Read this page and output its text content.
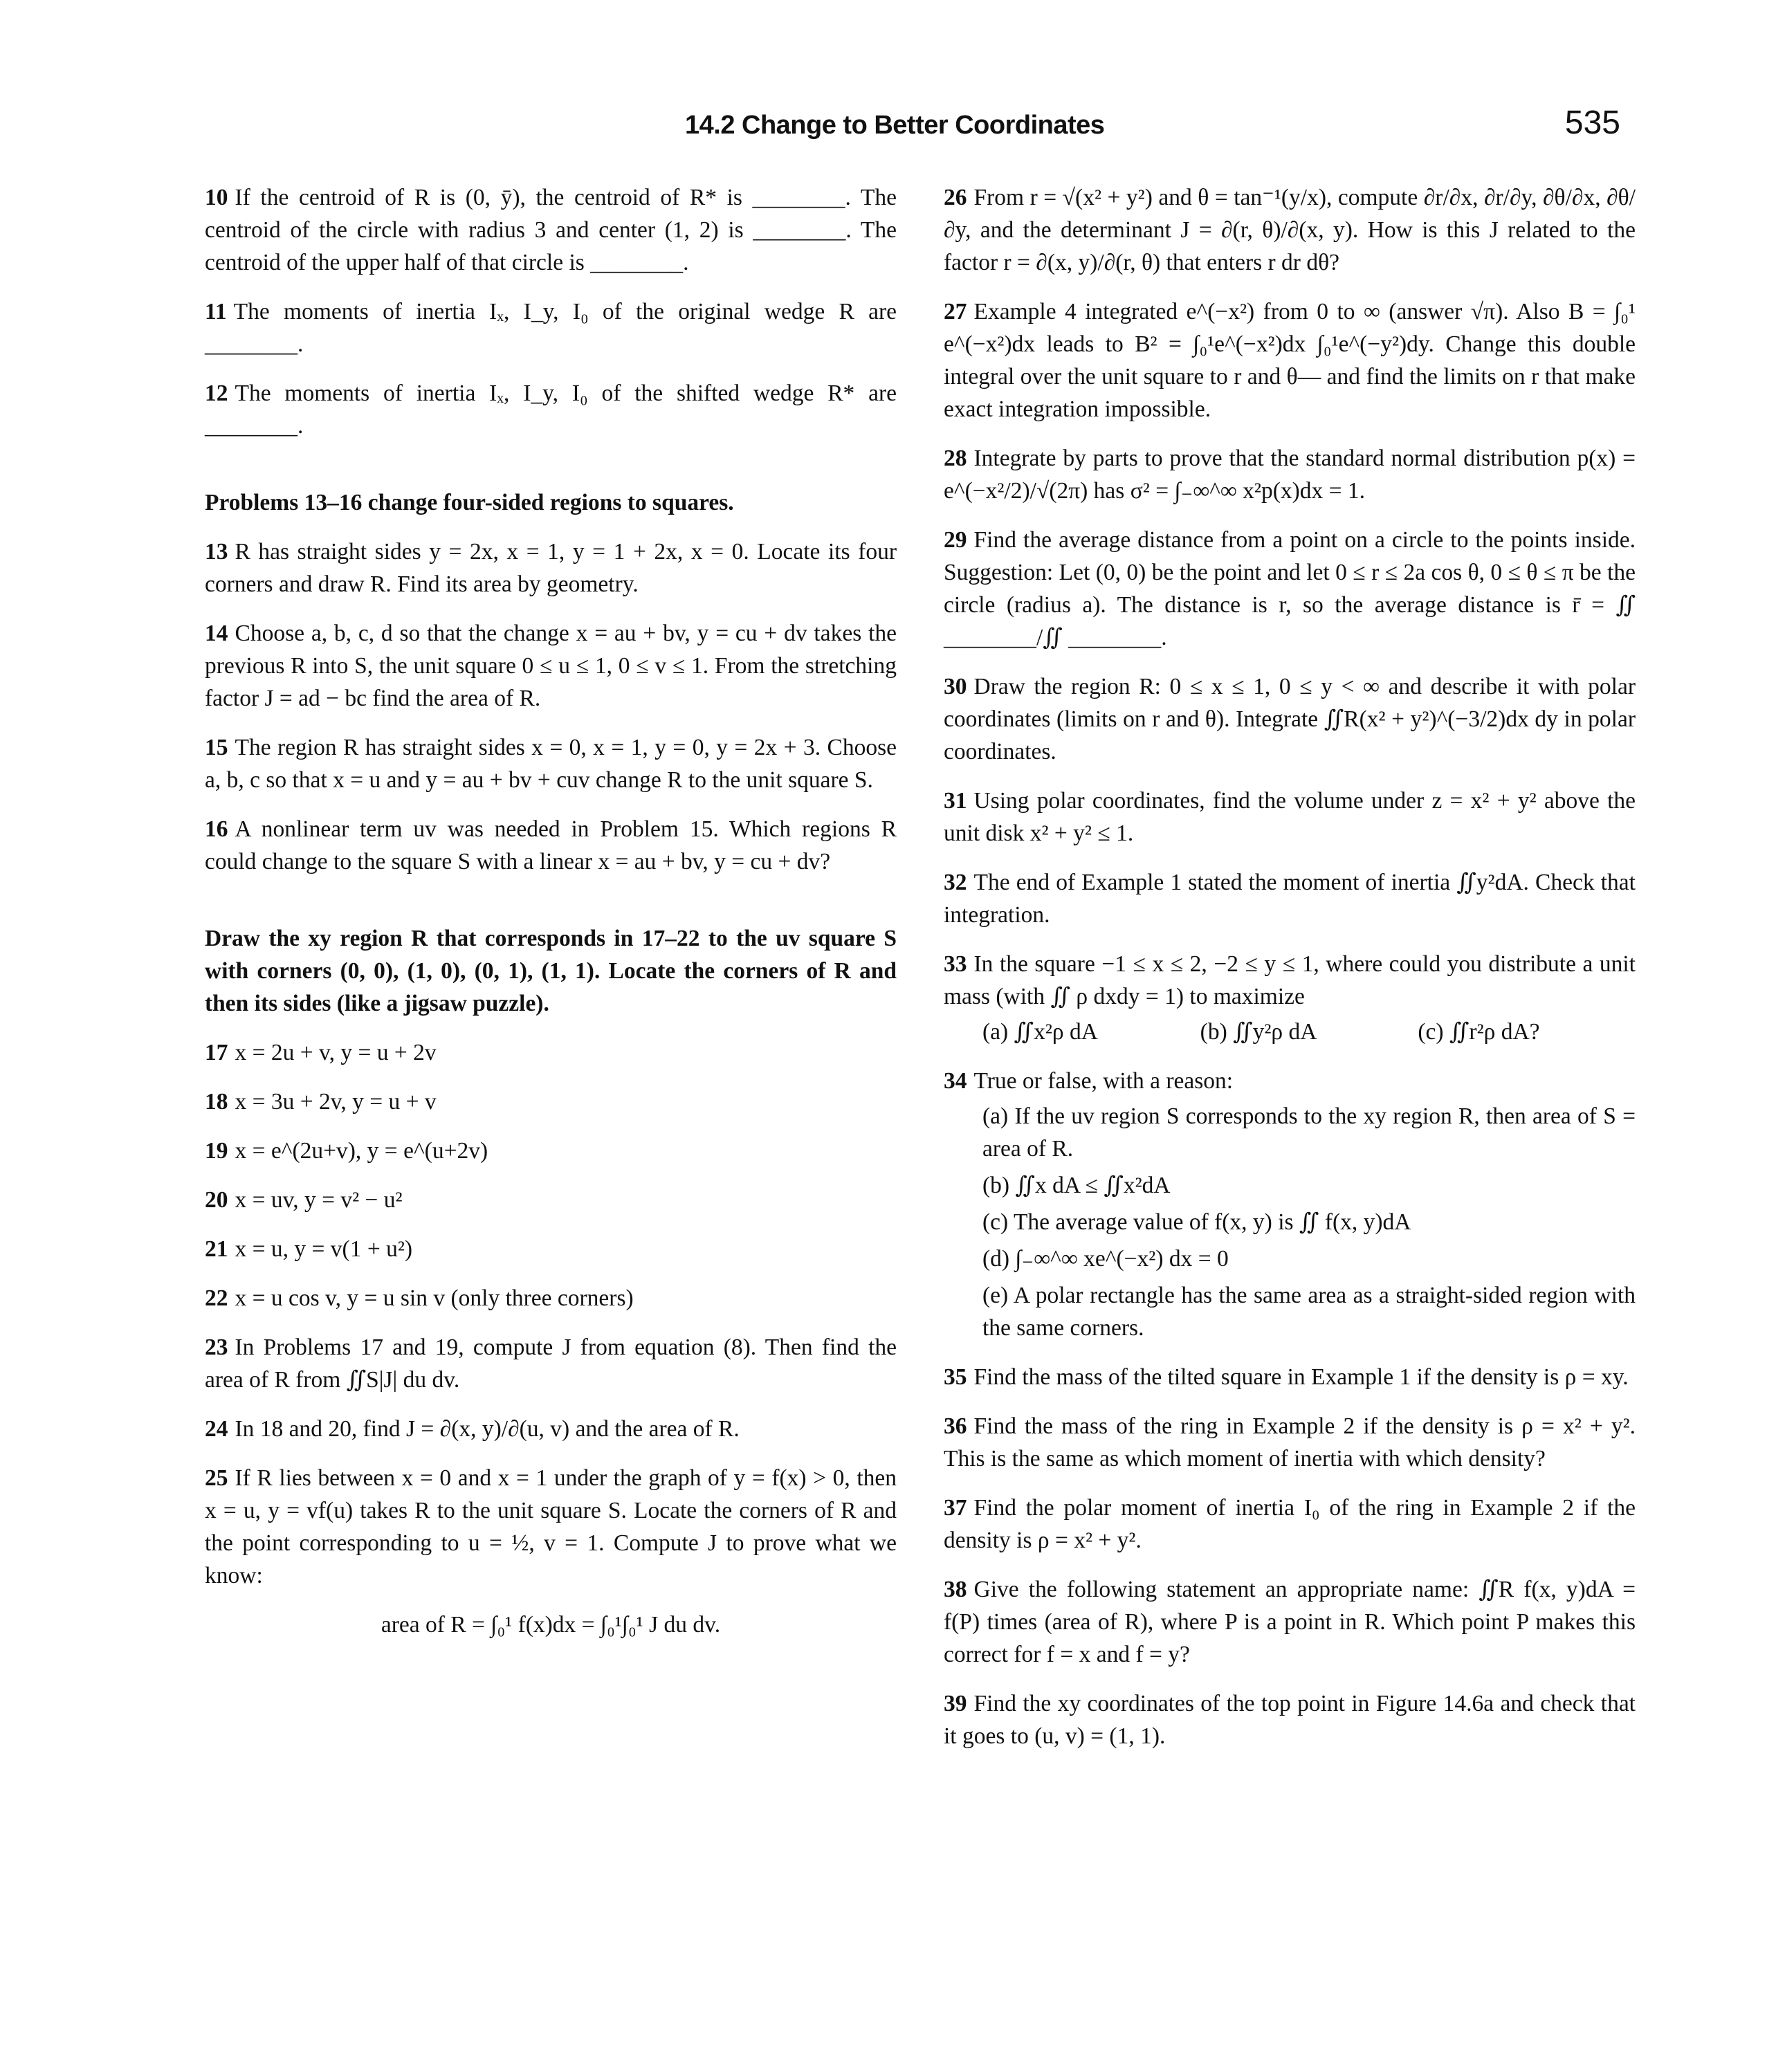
14.2 Change to Better Coordinates	535

10 If the centroid of R is (0, ȳ), the centroid of R* is ________. The centroid of the circle with radius 3 and center (1, 2) is ________. The centroid of the upper half of that circle is ________.

11 The moments of inertia Iₓ, I_y, I₀ of the original wedge R are ________.

12 The moments of inertia Iₓ, I_y, I₀ of the shifted wedge R* are ________.

Problems 13–16 change four-sided regions to squares.

13 R has straight sides y = 2x, x = 1, y = 1 + 2x, x = 0. Locate its four corners and draw R. Find its area by geometry.

14 Choose a, b, c, d so that the change x = au + bv, y = cu + dv takes the previous R into S, the unit square 0 ≤ u ≤ 1, 0 ≤ v ≤ 1. From the stretching factor J = ad − bc find the area of R.

15 The region R has straight sides x = 0, x = 1, y = 0, y = 2x + 3. Choose a, b, c so that x = u and y = au + bv + cuv change R to the unit square S.

16 A nonlinear term uv was needed in Problem 15. Which regions R could change to the square S with a linear x = au + bv, y = cu + dv?

Draw the xy region R that corresponds in 17–22 to the uv square S with corners (0, 0), (1, 0), (0, 1), (1, 1). Locate the corners of R and then its sides (like a jigsaw puzzle).

17 x = 2u + v, y = u + 2v

18 x = 3u + 2v, y = u + v

19 x = e^(2u+v), y = e^(u+2v)

20 x = uv, y = v² − u²

21 x = u, y = v(1 + u²)

22 x = u cos v, y = u sin v (only three corners)

23 In Problems 17 and 19, compute J from equation (8). Then find the area of R from ∬S|J| du dv.

24 In 18 and 20, find J = ∂(x, y)/∂(u, v) and the area of R.

25 If R lies between x = 0 and x = 1 under the graph of y = f(x) > 0, then x = u, y = vf(u) takes R to the unit square S. Locate the corners of R and the point corresponding to u = ½, v = 1. Compute J to prove what we know:

area of R = ∫₀¹ f(x)dx = ∫₀¹∫₀¹ J du dv.

26 From r = √(x² + y²) and θ = tan⁻¹(y/x), compute ∂r/∂x, ∂r/∂y, ∂θ/∂x, ∂θ/∂y, and the determinant J = ∂(r, θ)/∂(x, y). How is this J related to the factor r = ∂(x, y)/∂(r, θ) that enters r dr dθ?

27 Example 4 integrated e^(−x²) from 0 to ∞ (answer √π). Also B = ∫₀¹ e^(−x²)dx leads to B² = ∫₀¹e^(−x²)dx ∫₀¹e^(−y²)dy. Change this double integral over the unit square to r and θ— and find the limits on r that make exact integration impossible.

28 Integrate by parts to prove that the standard normal distribution p(x) = e^(−x²/2)/√(2π) has σ² = ∫₋∞^∞ x²p(x)dx = 1.

29 Find the average distance from a point on a circle to the points inside. Suggestion: Let (0, 0) be the point and let 0 ≤ r ≤ 2a cos θ, 0 ≤ θ ≤ π be the circle (radius a). The distance is r, so the average distance is r̄ = ∬ ________/∬ ________.

30 Draw the region R: 0 ≤ x ≤ 1, 0 ≤ y < ∞ and describe it with polar coordinates (limits on r and θ). Integrate ∬R(x² + y²)^(−3/2)dx dy in polar coordinates.

31 Using polar coordinates, find the volume under z = x² + y² above the unit disk x² + y² ≤ 1.

32 The end of Example 1 stated the moment of inertia ∬y²dA. Check that integration.

33 In the square −1 ≤ x ≤ 2, −2 ≤ y ≤ 1, where could you distribute a unit mass (with ∬ ρ dxdy = 1) to maximize

(a) ∬x²ρ dA	(b) ∬y²ρ dA	(c) ∬r²ρ dA?

34 True or false, with a reason:

(a) If the uv region S corresponds to the xy region R, then area of S = area of R.

(b) ∬x dA ≤ ∬x²dA

(c) The average value of f(x, y) is ∬ f(x, y)dA

(d) ∫₋∞^∞ xe^(−x²) dx = 0

(e) A polar rectangle has the same area as a straight-sided region with the same corners.

35 Find the mass of the tilted square in Example 1 if the density is ρ = xy.

36 Find the mass of the ring in Example 2 if the density is ρ = x² + y². This is the same as which moment of inertia with which density?

37 Find the polar moment of inertia I₀ of the ring in Example 2 if the density is ρ = x² + y².

38 Give the following statement an appropriate name: ∬R f(x, y)dA = f(P) times (area of R), where P is a point in R. Which point P makes this correct for f = x and f = y?

39 Find the xy coordinates of the top point in Figure 14.6a and check that it goes to (u, v) = (1, 1).
